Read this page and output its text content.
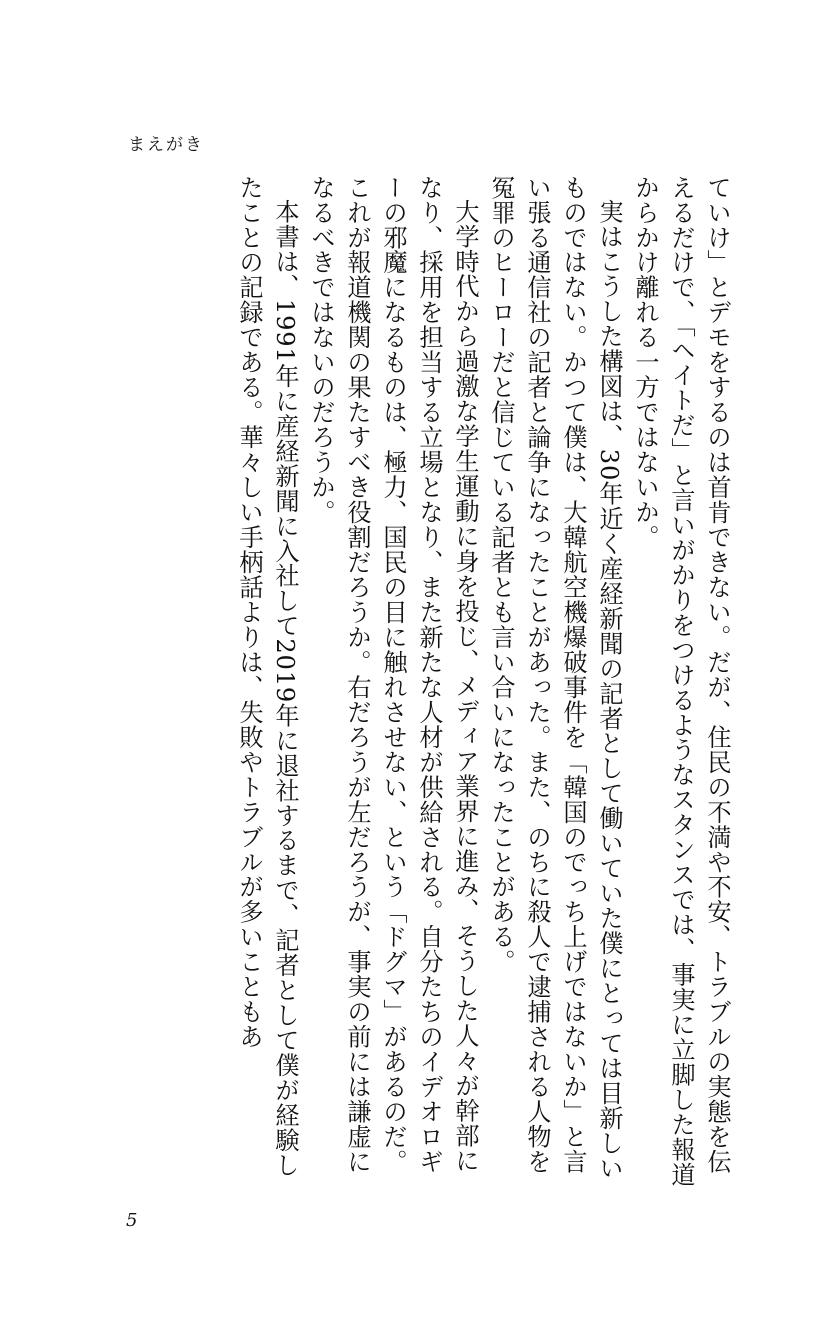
まえがき

ていけ」とデモをするのは首肯できない。だが、住民の不満や不安、トラブルの実態を伝えるだけで、「ヘイトだ」と言いがかりをつけるようなスタンスでは、事実に立脚した報道からかけ離れる一方ではないか。

実はこうした構図は、30年近く産経新聞の記者として働いていた僕にとっては目新しいものではない。かつて僕は、大韓航空機爆破事件を「韓国のでっち上げではないか」と言い張る通信社の記者と論争になったことがあった。また、のちに殺人で逮捕される人物を冤罪のヒーローだと信じている記者とも言い合いになったことがある。

大学時代から過激な学生運動に身を投じ、メディア業界に進み、そうした人々が幹部になり、採用を担当する立場となり、また新たな人材が供給される。自分たちのイデオロギーの邪魔になるものは、極力、国民の目に触れさせない、という「ドグマ」があるのだ。これが報道機関の果たすべき役割だろうか。右だろうが左だろうが、事実の前には謙虚になるべきではないのだろうか。

本書は、1991年に産経新聞に入社して2019年に退社するまで、記者として僕が経験したことの記録である。華々しい手柄話よりは、失敗やトラブルが多いこともあ

5
